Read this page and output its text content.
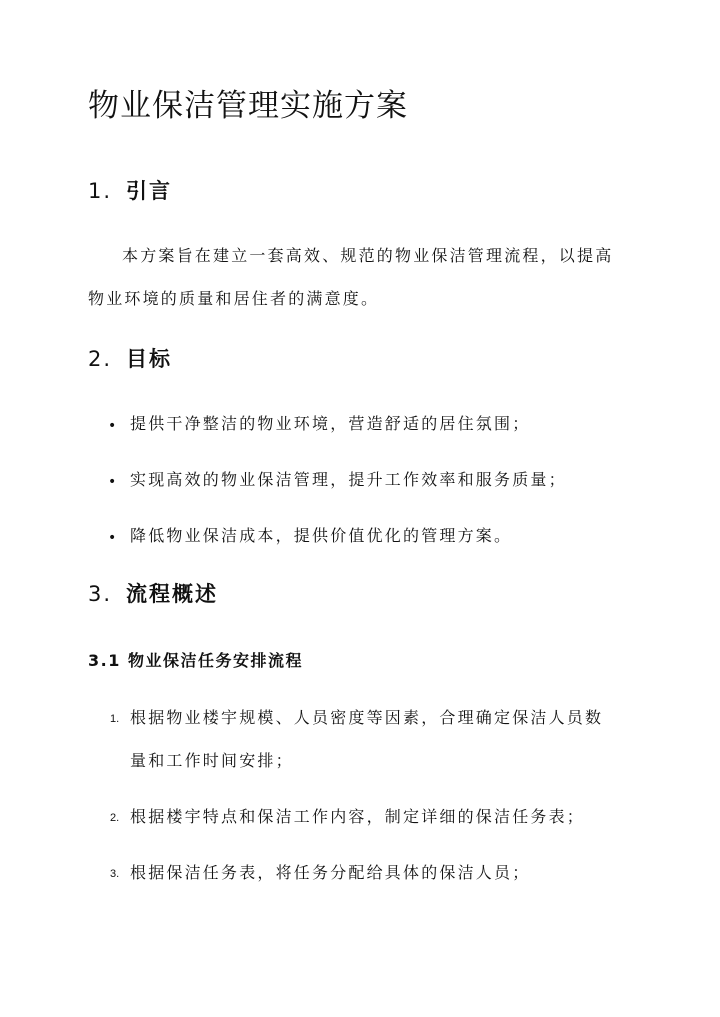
物业保洁管理实施方案
1. 引言
本方案旨在建立一套高效、规范的物业保洁管理流程，以提高
物业环境的质量和居住者的满意度。
2. 目标
• 提供干净整洁的物业环境，营造舒适的居住氛围；
• 实现高效的物业保洁管理，提升工作效率和服务质量；
• 降低物业保洁成本，提供价值优化的管理方案。
3. 流程概述
3.1 物业保洁任务安排流程
1. 根据物业楼宇规模、人员密度等因素，合理确定保洁人员数
量和工作时间安排；
2. 根据楼宇特点和保洁工作内容，制定详细的保洁任务表；
3. 根据保洁任务表，将任务分配给具体的保洁人员；
